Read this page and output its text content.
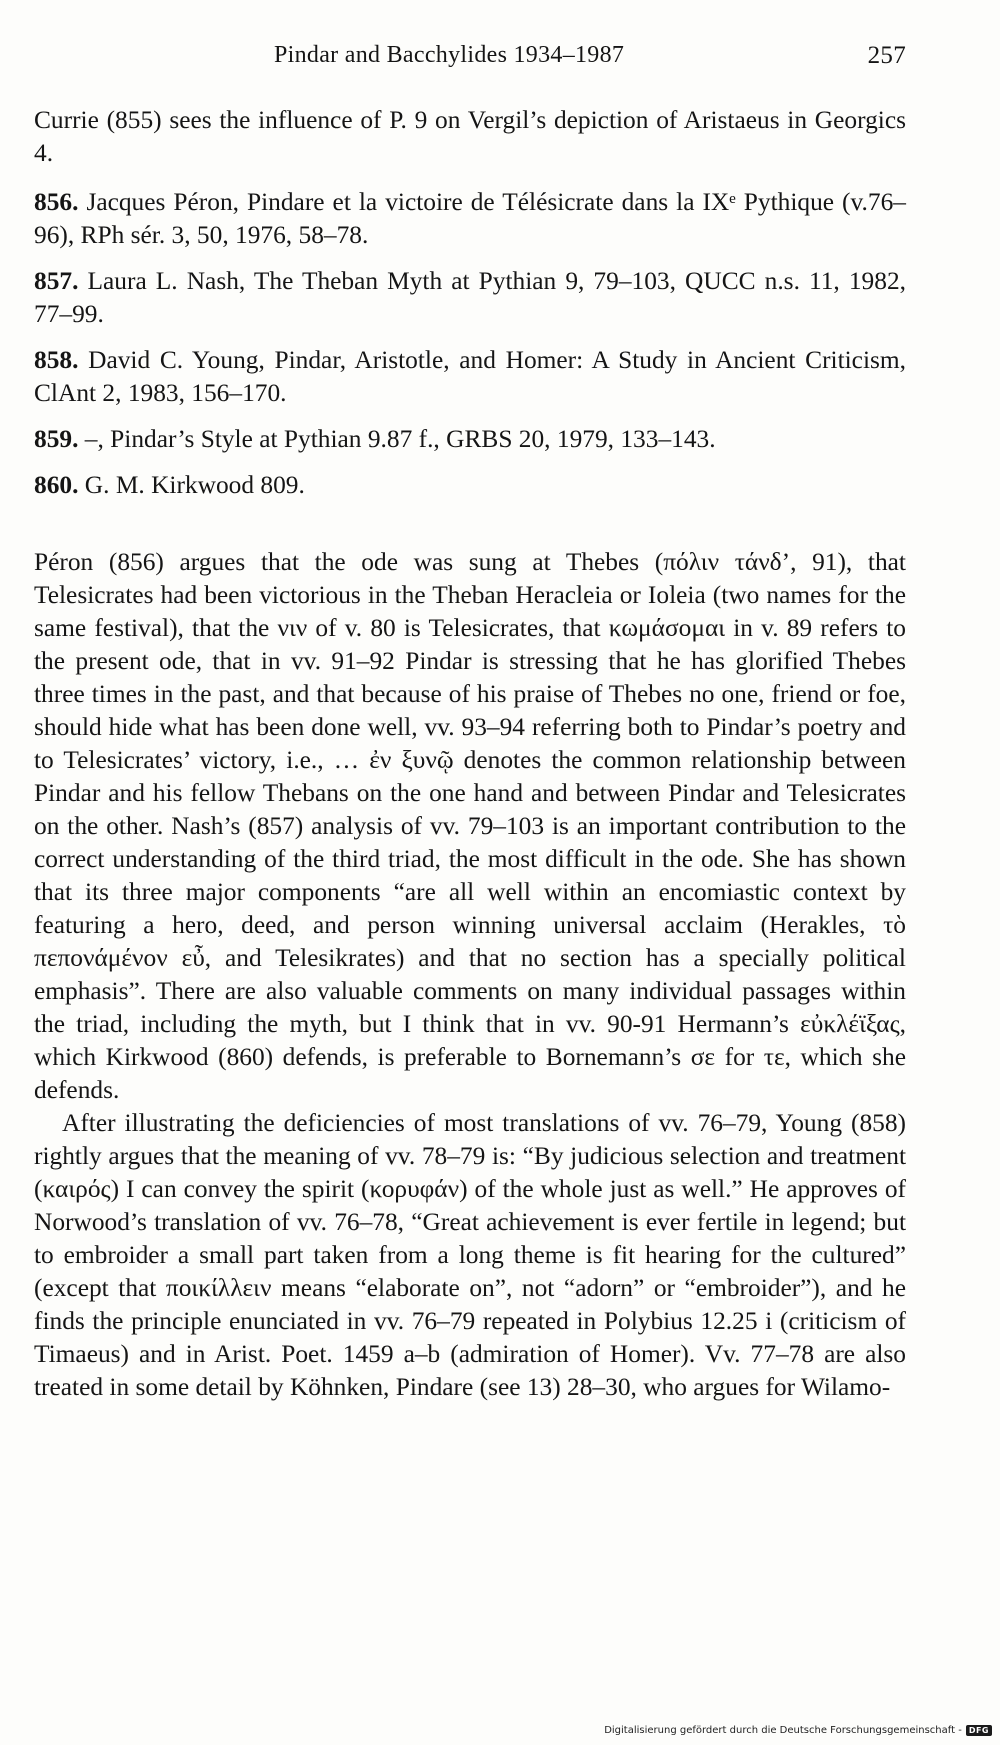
Pindar and Bacchylides 1934–1987	257

Currie (855) sees the influence of P. 9 on Vergil’s depiction of Aristaeus in Georgics 4.

856. Jacques Péron, Pindare et la victoire de Télésicrate dans la IXᵉ Pythique (v.76–96), RPh sér. 3, 50, 1976, 58–78.

857. Laura L. Nash, The Theban Myth at Pythian 9, 79–103, QUCC n.s. 11, 1982, 77–99.

858. David C. Young, Pindar, Aristotle, and Homer: A Study in Ancient Criticism, ClAnt 2, 1983, 156–170.

859. –, Pindar’s Style at Pythian 9.87 f., GRBS 20, 1979, 133–143.

860. G. M. Kirkwood 809.

Péron (856) argues that the ode was sung at Thebes (πόλιν τάνδ’, 91), that Telesicrates had been victorious in the Theban Heracleia or Ioleia (two names for the same festival), that the νιν of v. 80 is Telesicrates, that κωμάσομαι in v. 89 refers to the present ode, that in vv. 91–92 Pindar is stressing that he has glorified Thebes three times in the past, and that because of his praise of Thebes no one, friend or foe, should hide what has been done well, vv. 93–94 referring both to Pindar’s poetry and to Telesicrates’ victory, i.e., … ἐν ξυνῷ denotes the common relationship between Pindar and his fellow Thebans on the one hand and between Pindar and Telesicrates on the other. Nash’s (857) analysis of vv. 79–103 is an important contribution to the correct understanding of the third triad, the most difficult in the ode. She has shown that its three major components “are all well within an encomiastic context by featuring a hero, deed, and person winning universal acclaim (Herakles, τὸ πεπονάμένον εὖ, and Telesikrates) and that no section has a specially political emphasis”. There are also valuable comments on many individual passages within the triad, including the myth, but I think that in vv. 90-91 Hermann’s εὐκλέϊξας, which Kirkwood (860) defends, is preferable to Bornemann’s σε for τε, which she defends.

After illustrating the deficiencies of most translations of vv. 76–79, Young (858) rightly argues that the meaning of vv. 78–79 is: “By judicious selection and treatment (καιρός) I can convey the spirit (κορυφάν) of the whole just as well.” He approves of Norwood’s translation of vv. 76–78, “Great achievement is ever fertile in legend; but to embroider a small part taken from a long theme is fit hearing for the cultured” (except that ποικίλλειν means “elaborate on”, not “adorn” or “embroider”), and he finds the principle enunciated in vv. 76–79 repeated in Polybius 12.25 i (criticism of Timaeus) and in Arist. Poet. 1459 a–b (admiration of Homer). Vv. 77–78 are also treated in some detail by Köhnken, Pindare (see 13) 28–30, who argues for Wilamo-

Digitalisierung gefördert durch die Deutsche Forschungsgemeinschaft - DFG
